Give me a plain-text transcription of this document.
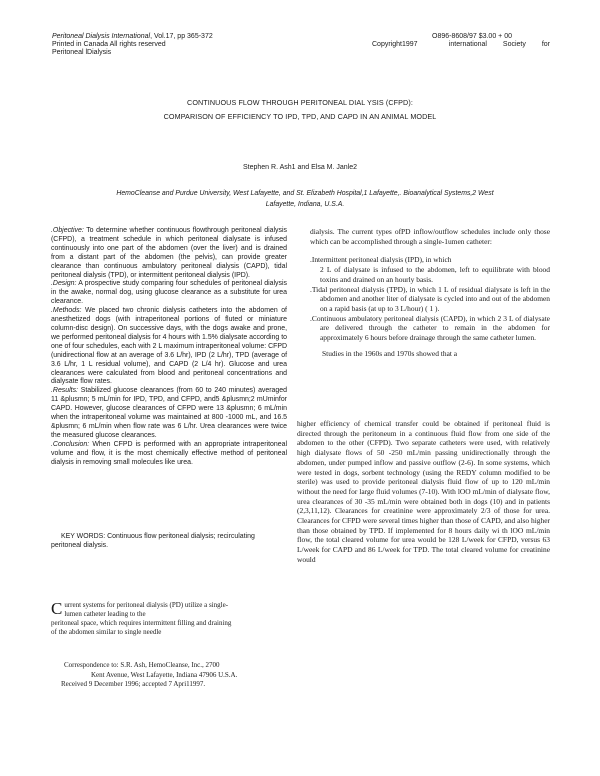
Peritoneal Dialysis International, Vol.17, pp 365-372
Printed in Canada All rights reserved
Peritoneal lDialysis
O896-8608/97 $3.00 + 00
Copyright1997	international Society for
CONTINUOUS FLOW THROUGH PERITONEAL DIAL YSIS (CFPD):
COMPARISON OF EFFICIENCY TO IPD, TPD, AND CAPD IN AN ANIMAL MODEL
Stephen R. Ash1 and Elsa M. Janle2
HemoCleanse and Purdue University, West Lafayette, and St. Elizabeth Hospital,1 Lafayette,. Bioanalytical Systems,2 West
Lafayette, Indiana, U.S.A.

.Objective: To determine whether continuous flowthrough peritoneal dialysis (CFPD), a treatment schedule in which peritoneal dialysate is infused continuously into one part of the abdomen (over the liver) and is drained from a distant part of the abdomen (the pelvis), can provide greater clearance than continuous ambulatory peritoneal dialysis (CAPD), tidal peritoneal dialysis (TPD), or intermittent peritoneal dialysis (IPD).

.Design: A prospective study comparing four schedules of peritoneal dialysis in the awake, normal dog, using glucose clearance as a substitute for urea clearance.

.Methods: We placed two chronic dialysis catheters into the abdomen of anesthetized dogs (with intraperitoneal portions of fluted or miniature column-disc design). On successive days, with the dogs awake and prone, we performed peritoneal dialysis for 4 hours with 1.5% dialysate according to one of four schedules, each with 2 L maximum intraperitoneal volume: CFPD (unidirectional flow at an average of 3.6 L/hr), IPD (2 L/hr), TPD (average of 3.6 L/hr, 1 L residual volume), and CAPD (2 L/4 hr). Glucose and urea clearances were calculated from blood and peritoneal concentrations and dialysate flow rates.

.Results: Stabilized glucose clearances (from 60 to 240 minutes) averaged 11 &plusmn; 5 mL/min for IPD, TPD, and CFPD, and5 &plusmn;2 mUminfor CAPD. However, glucose clearances of CFPD were 13 &plusmn; 6 mL/min when the intraperitoneal volume was maintained at 800 -1000 mL, and 16.5 &plusmn; 6 mL/min when flow rate was 6 L/hr. Urea clearances were twice the measured glucose clearances.

.Conclusion: When CFPD is performed with an appropriate intraperitoneal volume and flow, it is the most chemically effective method of peritoneal dialysis in removing small molecules like urea.

KEY WORDS: Continuous flow peritoneal dialysis; recirculating peritoneal dialysis.
C urrent systems for peritoneal dialysis (PD) utilize a single-
lumen catheter leading to the
peritoneal space, which requires intermittent filling and draining
of the abdomen similar to single needle
Correspondence to: S.R. Ash, HemoCleanse, Inc., 2700
Kent Avenue, West Lafayette, Indiana 47906 U.S.A.
Received 9 December 1996; accepted 7 Apri11997.

dialysis. The current types ofPD inflow/outflow schedules include only those which can be accomplished through a single-1umen catheter:

.Intermittent peritoneal dialysis (IPD), in which

2 L of dialysate is infused to the abdomen, left to equilibrate with blood toxins and drained on an hourly basis.

.Tidal peritoneal dialysis (TPD), in which 1 L of residual dialysate is left in the abdomen and another liter of dialysate is cycled into and out of the abdomen on a rapid basis (at up to 3 L/hour) ( 1 ).

.Continuous ambulatory peritoneal dialysis (CAPD), in which 2 3 L of dialysate are delivered through the catheter to remain in the abdomen for approximately 6 hours before drainage through the same catheter lumen.

Studies in the 1960s and 1970s showed that a

higher efficiency of chemical transfer could be obtained if peritoneal fluid is directed through the peritoneum in a continuous fluid flow from one side of the abdomen to the other (CFPD). Two separate catheters were used, with relatively high dialysate flows of 50 -250 mL/min passing unidirectionally through the abdomen, under pumped inflow and passive outflow (2-6). In some systems, which were tested in dogs, sorbent technology (using the REDY column modified to be sterile) was used to provide peritoneal dialysis fluid flow of up to 120 mL/min without the need for large fluid volumes (7-10). With lOO mL/min of dialysate flow, urea clearances of 30 -35 mL/min were obtained both in dogs (10) and in patients (2,3,11,12). Clearances for creatinine were approximately 2/3 of those for urea. Clearances for CFPD were several times higher than those of CAPD, and also higher than those obtained by TPD. If implemented for 8 hours daily wi th lOO mL/min flow, the total cleared volume for urea would be 128 L/week for CFPD, versus 63 L/week for CAPD and 86 L/week for TPD. The total cleared volume for creatinine would
